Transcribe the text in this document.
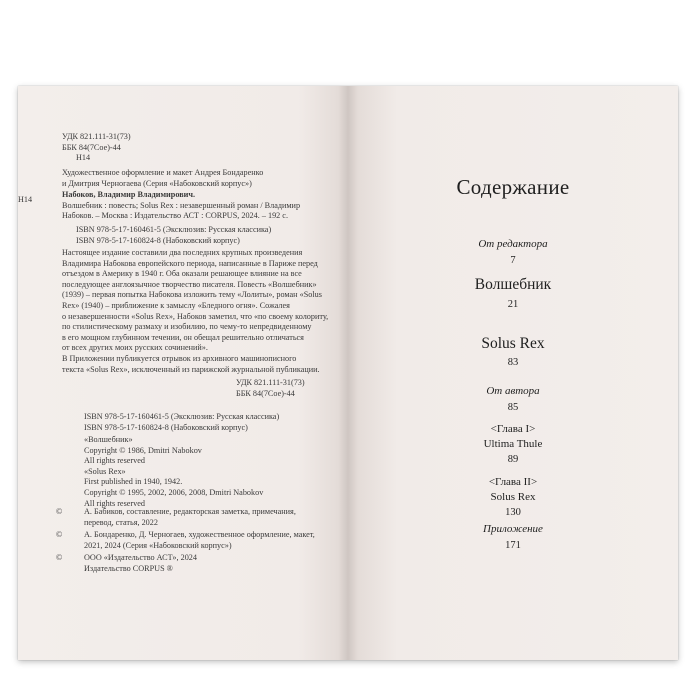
УДК 821.111-31(73)
ББК 84(7Сое)-44
Н14
Художественное оформление и макет Андрея Бондаренко
и Дмитрия Черногаева (Серия «Набоковский корпус»)
Н14
Набоков, Владимир Владимирович.
Волшебник : повесть; Solus Rex : незавершенный роман / Владимир
Набоков. – Москва : Издательство АСТ : CORPUS, 2024. – 192 с.
ISBN 978-5-17-160461-5 (Эксклюзив: Русская классика)
ISBN 978-5-17-160824-8 (Набоковский корпус)
Настоящее издание составили два последних крупных произведения
Владимира Набокова европейского периода, написанные в Париже перед
отъездом в Америку в 1940 г. Оба оказали решающее влияние на все
последующее англоязычное творчество писателя. Повесть «Волшебник»
(1939) – первая попытка Набокова изложить тему «Лолиты», роман «Solus
Rex» (1940) – приближение к замыслу «Бледного огня». Сожалея
о незавершенности «Solus Rex», Набоков заметил, что «по своему колориту,
по стилистическому размаху и изобилию, по чему-то непредвиденному
в его мощном глубинном течении, он обещал решительно отличаться
от всех других моих русских сочинений».
В Приложении публикуется отрывок из архивного машинописного
текста «Solus Rex», исключенный из парижской журнальной публикации.
УДК 821.111-31(73)
ББК 84(7Сое)-44
ISBN 978-5-17-160461-5 (Эксклюзив: Русская классика)
ISBN 978-5-17-160824-8 (Набоковский корпус)
«Волшебник»
Copyright © 1986, Dmitri Nabokov
All rights reserved
«Solus Rex»
First published in 1940, 1942.
Copyright © 1995, 2002, 2006, 2008, Dmitri Nabokov
All rights reserved
©	А. Бабиков, составление, редакторская заметка, примечания,
перевод, статья, 2022
©	А. Бондаренко, Д. Черногаев, художественное оформление, макет,
2021, 2024 (Серия «Набоковский корпус»)
©	ООО «Издательство АСТ», 2024
Издательство CORPUS ®
Содержание
От редактора
7
Волшебник
21
Solus Rex
83
От автора
85
<Глава I>
Ultima Thule
89
<Глава II>
Solus Rex
130
Приложение
171
